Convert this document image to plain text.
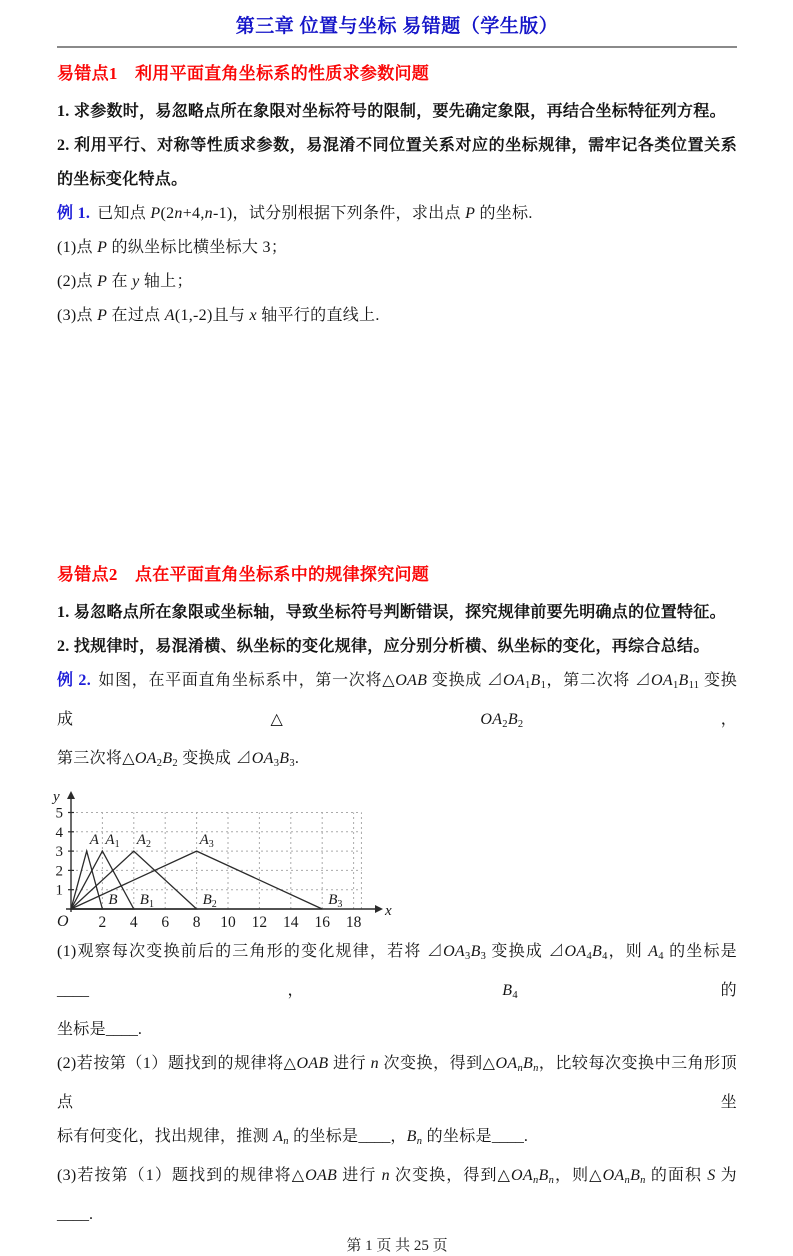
第三章 位置与坐标 易错题（学生版）
易错点1　利用平面直角坐标系的性质求参数问题

1. 求参数时，易忽略点所在象限对坐标符号的限制，要先确定象限，再结合坐标特征列方程。

2. 利用平行、对称等性质求参数，易混淆不同位置关系对应的坐标规律，需牢记各类位置关系的坐标变化特点。

例 1. 已知点 P(2n+4,n-1)，试分别根据下列条件，求出点 P 的坐标.

(1)点 P 的纵坐标比横坐标大 3；

(2)点 P 在 y 轴上；

(3)点 P 在过点 A(1,-2)且与 x 轴平行的直线上.

易错点2　点在平面直角坐标系中的规律探究问题

1. 易忽略点所在象限或坐标轴，导致坐标符号判断错误，探究规律前要先明确点的位置特征。

2. 找规律时，易混淆横、纵坐标的变化规律，应分别分析横、纵坐标的变化，再综合总结。

例 2. 如图，在平面直角坐标系中，第一次将△OAB 变换成 ⊿OA1B1，第二次将 ⊿OA1B11 变换成△OA2B2，

第三次将△OA2B2 变换成 ⊿OA3B3.

1
2
3
4
5
2 4 6 8 10 12 14 16 18
x
y
O
A
B
$A_1$
$B_1$
$A_2$
$B_2$
$A_3$
$B_3$

(1)观察每次变换前后的三角形的变化规律，若将 ⊿OA3B3 变换成 ⊿OA4B4，则 A4 的坐标是____，B4 的

坐标是____.

(2)若按第（1）题找到的规律将△OAB 进行 n 次变换，得到△OAnBn，比较每次变换中三角形顶点坐

标有何变化，找出规律，推测 An 的坐标是____，Bn 的坐标是____.

(3)若按第（1）题找到的规律将△OAB 进行 n 次变换，得到△OAnBn，则△OAnBn 的面积 S 为____.

第 1 页 共 25 页
